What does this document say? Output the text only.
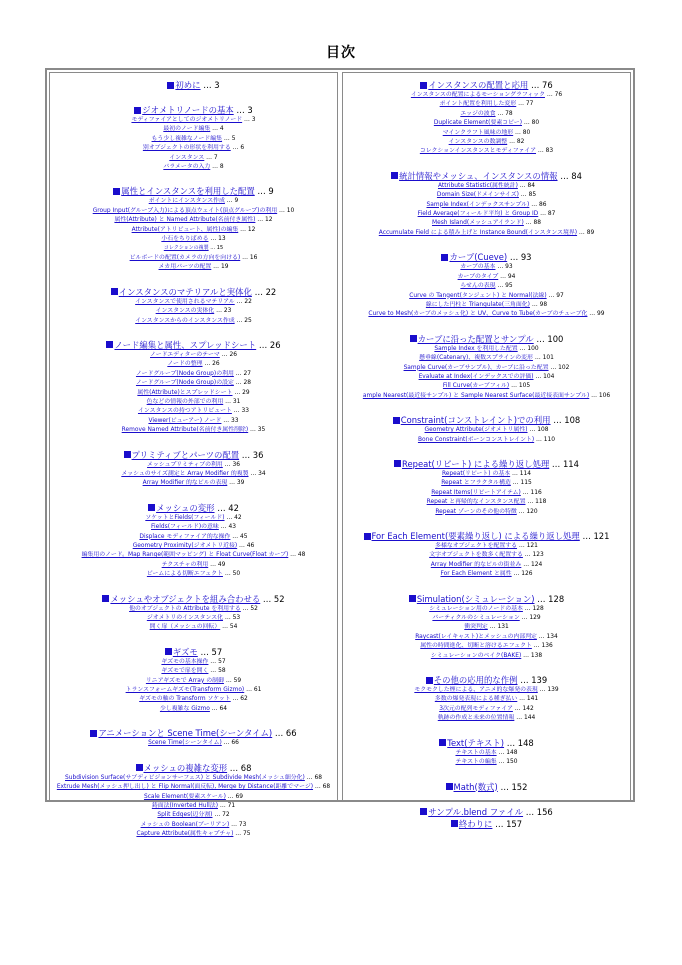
目次
初めに … 3
ジオメトリノードの基本 … 3
モディファイアとしてのジオメトリノード … 3
最初のノード編集 … 4
もう少し複雑なノード編集 … 5
別オブジェクトの形状を利用する … 6
インスタンス … 7
パラメータの入力 … 8
属性とインスタンスを利用した配置 … 9
ポイントにインスタンス作成 … 9
Group Input(グループ入力)による頂点ウェイト(頂点グループ)の利用 … 10
属性(Attribute) と Named Attribute(名前付き属性) … 12
Attribute(アトリビュート、属性)の編集 … 12
小石をちりばめる … 13
コレクションの複製 … 15
ビルボードの配置(カメラの方向を向ける) … 16
メカ用パーツの配置 … 19
インスタンスのマテリアルと実体化 … 22
インスタンスで使用されるマテリアル … 22
インスタンスの実体化 … 23
インスタンスからのインスタンス作成 … 25
ノード編集と属性、スプレッドシート … 26
ノードエディターのテーマ … 26
ノードの整理 … 26
ノードグループ(Node Group)の利用 … 27
ノードグループ(Node Group)の設定 … 28
属性(Attribute)とスプレッドシート … 29
色などの情報の外部での利用 … 31
インスタンスの持つアトリビュート … 33
Viewer(ビューアー) ノード … 33
Remove Named Attribute(名前付き属性削除) … 35
プリミティブとパーツの配置 … 36
メッシュプリミティブの利用 … 36
メッシュのサイズ測定と Array Modifier 的複製 … 34
Array Modifier 的なピルの表現 … 39
メッシュの変形 … 42
ソケットとFields(フィールド) … 42
Fields(フィールド)の意味 … 43
Displace モディファイア的な操作 … 45
Geometry Proximity(ジオメトリ近接) … 46
編集用のノード。Map Range(範囲マッピング) と Float Curve(Float カーブ) … 48
テクスチャの利用 … 49
ビームによる切断エフェクト … 50
メッシュやオブジェクトを組み合わせる … 52
他のオブジェクトの Attribute を利用する … 52
ジオメトリのインスタンス化 … 53
開く扉（メッシュの回転） … 54
ギズモ … 57
ギズモの基本操作 … 57
ギズモで扉を開く … 58
リニアギズモで Array の制御 … 59
トランスフォームギズモ(Transform Gizmo) … 61
ギズモの軸の Transform ソケット … 62
少し複雑な Gizmo … 64
アニメーションと Scene Time(シーンタイム) … 66
Scene Time(シーンタイム) … 66
メッシュの複雑な変形 … 68
Subdivision Surface(サブディビジョンサーフェス) と Subdivide Mesh(メッシュ細分化) … 68
Extrude Mesh(メッシュ押し出し) と Flip Normal(面反転), Merge by Distance(距離でマージ) … 68
Scale Element(要素スケール) … 69
鋳面法(Inverted Hull法) … 71
Split Edges(辺分割) … 72
メッシュの Boolean(ブーリアン) … 73
Capture Attribute(属性キャプチャ) … 75
インスタンスの配置と応用 … 76
インスタンスの配置によるモーショングラフィック … 76
ポイント配置を利用した変形 … 77
エッジの波食 … 78
Duplicate Element(要素コピー) … 80
マインクラフト風味の地形 … 80
インスタンスの数調整 … 82
コレクションインスタンスとモディファイア … 83
統計情報やメッシュ、インスタンスの情報 … 84
Attribute Statistic(属性統計) … 84
Domain Size(ドメインサイズ) … 85
Sample Index(インデックスサンプル) … 86
Field Average(フィールド平均) と Group ID … 87
Mesh Island(メッシュアイランド) … 88
Accumulate Field による積み上げと Instance Bound(インスタンス境界) … 89
カーブ(Cueve) … 93
カーブの基本 … 93
カーブのタイプ … 94
らせんの表現 … 95
Curve の Tangent(タンジェント) と Normal(法線) … 97
線にした円柱と Triangulate(三角面化) … 98
Curve to Mesh(カーブのメッシュ化) と UV、Curve to Tube(カーブのチューブ化 … 99
カーブに沿った配置とサンプル … 100
Sample Index を利用した配置 … 100
懸垂線(Catenary)、複数スプラインの変形 … 101
Sample Curve(カーブサンプル)、カーブに沿った配置 … 102
Evaluate at Index(インデックスでの評価) … 104
Fill Curve(カーブフィル) … 105
ample Nearest(最近接サンプル) と Sample Nearest Surface(最近接表面サンプル) … 106
Constraint(コンストレイント)での利用 … 108
Geometry Attribute(ジオメトリ属性) … 108
Bone Constraint(ボーンコンストレイント) … 110
Repeat(リピート) による繰り返し処理 … 114
Repeat(リピート) の基本 … 114
Repeat とフラクタル構造 … 115
Repeat Items(リピートアイテム) … 116
Repeat と再帰的なインスタンス配置 … 118
Repeat ゾーンのその他の特徴 … 120
For Each Element(要素繰り返し) による繰り返し処理 … 121
多様なオブジェクトを配置する … 121
文字オブジェクトを数多く配置する … 123
Array Modifier 的なピルの街並み … 124
For Each Element と属性 … 126
Simulation(シミュレーション) … 128
シミュレーション用のノードの基本 … 128
パーティクルのシミュレーション … 129
衝突判定 … 131
Raycast(レイキャスト)とメッシュの内部判定 … 134
属性の時間進化、切断と溶けるエフェクト … 136
シミュレーションのベイク(BAKE) … 138
その他の応用的な作例 … 139
モクモクした煙による、アニメ的な爆発の表現 … 139
多数の爆発表現による種ぎ払い … 141
3次元の配列モディファイア … 142
軌跡の作成と未来の位置情報 … 144
Text(テキスト) … 148
テキストの基本 … 148
テキストの編集 … 150
Math(数式) … 152
サンプル.blend ファイル … 156
終わりに … 157
